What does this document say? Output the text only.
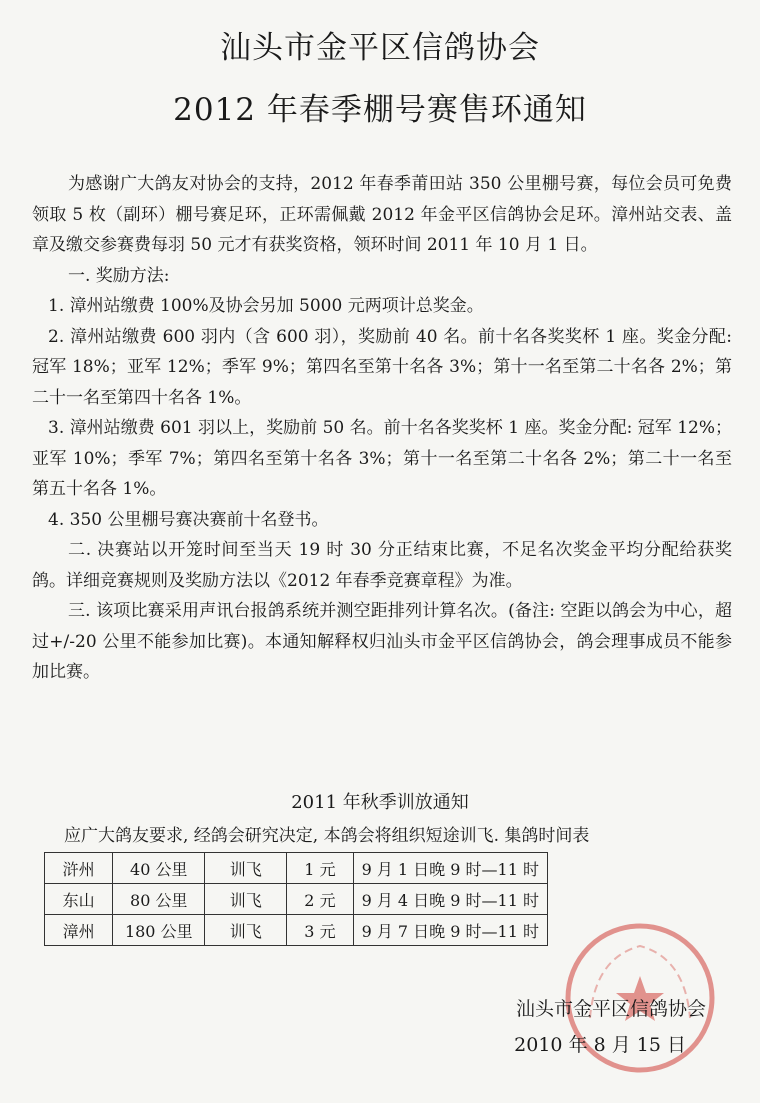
汕头市金平区信鸽协会
2012 年春季棚号赛售环通知

为感谢广大鸽友对协会的支持，2012 年春季莆田站 350 公里棚号赛，每位会员可免费领取 5 枚（副环）棚号赛足环，正环需佩戴 2012 年金平区信鸽协会足环。漳州站交表、盖章及缴交参赛费每羽 50 元才有获奖资格，领环时间 2011 年 10 月 1 日。

一. 奖励方法:

1. 漳州站缴费 100%及协会另加 5000 元两项计总奖金。

2. 漳州站缴费 600 羽内（含 600 羽），奖励前 40 名。前十名各奖奖杯 1 座。奖金分配: 冠军 18%；亚军 12%；季军 9%；第四名至第十名各 3%；第十一名至第二十名各 2%；第二十一名至第四十名各 1%。

3. 漳州站缴费 601 羽以上，奖励前 50 名。前十名各奖奖杯 1 座。奖金分配: 冠军 12%；亚军 10%；季军 7%；第四名至第十名各 3%；第十一名至第二十名各 2%；第二十一名至第五十名各 1%。

4. 350 公里棚号赛决赛前十名登书。

二. 决赛站以开笼时间至当天 19 时 30 分正结束比赛，不足名次奖金平均分配给获奖鸽。详细竞赛规则及奖励方法以《2012 年春季竞赛章程》为准。

三. 该项比赛采用声讯台报鸽系统并测空距排列计算名次。(备注: 空距以鸽会为中心，超过+/-20 公里不能参加比赛)。本通知解释权归汕头市金平区信鸽协会，鸽会理事成员不能参加比赛。

2011 年秋季训放通知
应广大鸽友要求, 经鸽会研究决定, 本鸽会将组织短途训飞. 集鸽时间表
浒州	40 公里	训飞	1 元	9 月 1 日晚 9 时—11 时
东山	80 公里	训飞	2 元	9 月 4 日晚 9 时—11 时
漳州	180 公里	训飞	3 元	9 月 7 日晚 9 时—11 时
汕头市金平区信鸽协会
2010 年 8 月 15 日
